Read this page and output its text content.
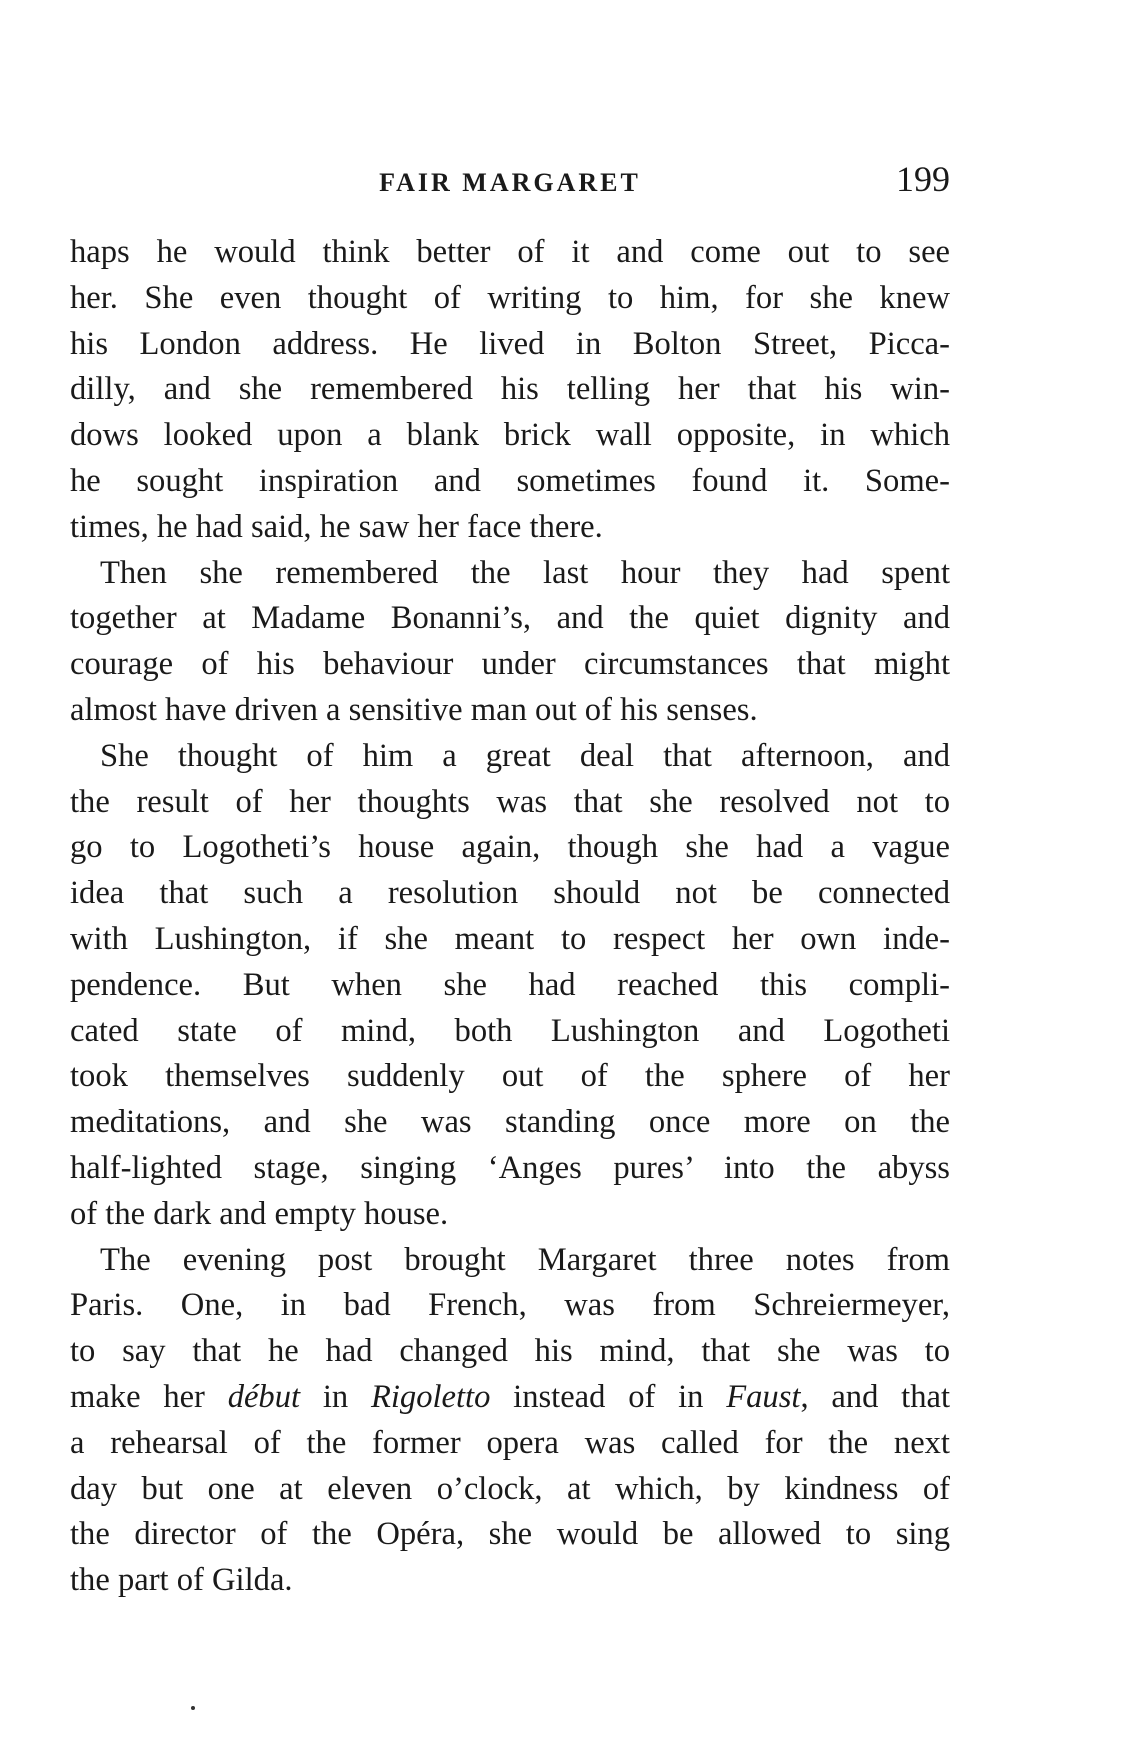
FAIR MARGARET	199

haps he would think better of it and come out to see
her. She even thought of writing to him, for she knew
his London address. He lived in Bolton Street, Picca-
dilly, and she remembered his telling her that his win-
dows looked upon a blank brick wall opposite, in which
he sought inspiration and sometimes found it. Some-
times, he had said, he saw her face there.

Then she remembered the last hour they had spent
together at Madame Bonanni’s, and the quiet dignity and
courage of his behaviour under circumstances that might
almost have driven a sensitive man out of his senses.

She thought of him a great deal that afternoon, and
the result of her thoughts was that she resolved not to
go to Logotheti’s house again, though she had a vague
idea that such a resolution should not be connected
with Lushington, if she meant to respect her own inde-
pendence. But when she had reached this compli-
cated state of mind, both Lushington and Logotheti
took themselves suddenly out of the sphere of her
meditations, and she was standing once more on the
half-lighted stage, singing ‘Anges pures’ into the abyss
of the dark and empty house.

The evening post brought Margaret three notes from
Paris. One, in bad French, was from Schreiermeyer,
to say that he had changed his mind, that she was to
make her début in Rigoletto instead of in Faust, and that
a rehearsal of the former opera was called for the next
day but one at eleven o’clock, at which, by kindness of
the director of the Opéra, she would be allowed to sing
the part of Gilda.
